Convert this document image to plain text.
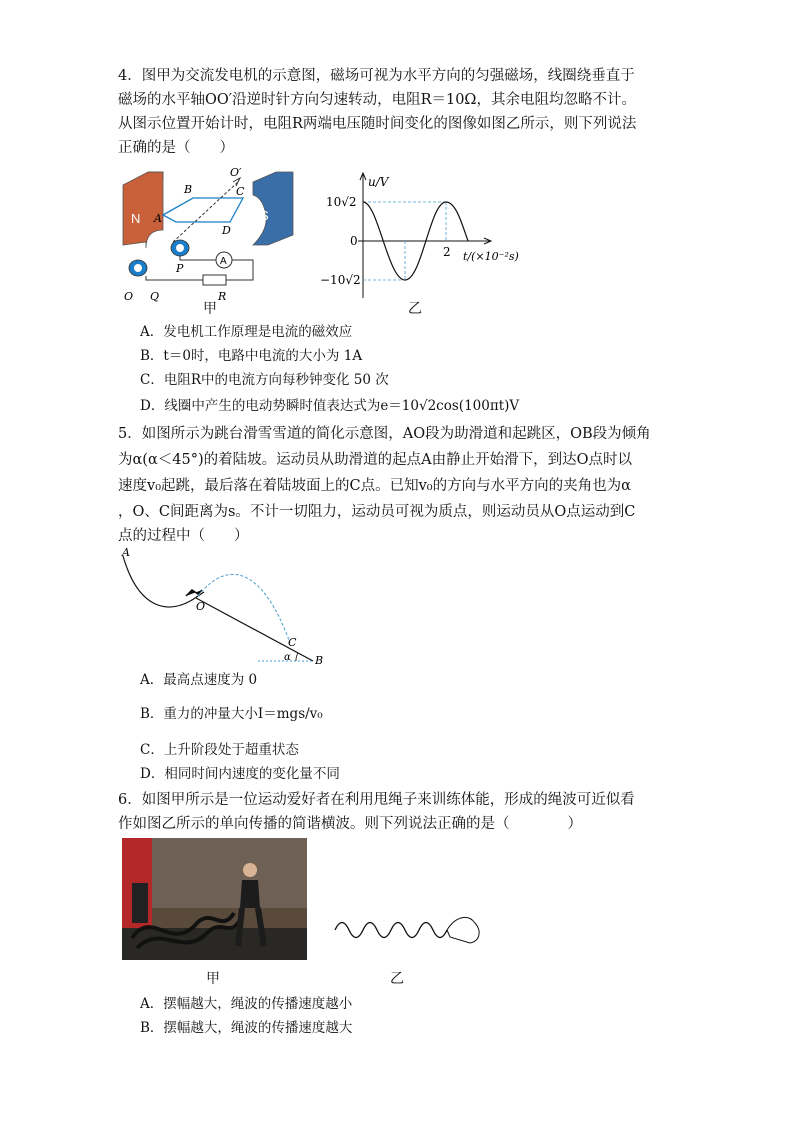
4．图甲为交流发电机的示意图，磁场可视为水平方向的匀强磁场，线圈绕垂直于
磁场的水平轴OO′沿逆时针方向匀速转动，电阻R＝10Ω，其余电阻均忽略不计。
从图示位置开始计时，电阻R两端电压随时间变化的图像如图乙所示，则下列说法
正确的是（　　）
N	S
A
O′
B	C
A
D
P
O Q	R
甲
u/V
10√2
0
−10√2
2 t/(×10⁻²s)
乙
A．发电机工作原理是电流的磁效应
B．t＝0时，电路中电流的大小为 1A
C．电阻R中的电流方向每秒钟变化 50 次
D．线圈中产生的电动势瞬时值表达式为e＝10√2cos(100πt)V
5．如图所示为跳台滑雪雪道的简化示意图，AO段为助滑道和起跳区，OB段为倾角
为α(α＜45°)的着陆坡。运动员从助滑道的起点A由静止开始滑下，到达O点时以
速度v₀起跳，最后落在着陆坡面上的C点。已知v₀的方向与水平方向的夹角也为α
，O、C间距离为s。不计一切阻力，运动员可视为质点，则运动员从O点运动到C
点的过程中（　　）
A
O
C
α B
A．最高点速度为 0
B．重力的冲量大小I＝mgs/v₀
C．上升阶段处于超重状态
D．相同时间内速度的变化量不同
6．如图甲所示是一位运动爱好者在利用甩绳子来训练体能，形成的绳波可近似看
作如图乙所示的单向传播的简谐横波。则下列说法正确的是（　　　　）
甲	乙
A．摆幅越大，绳波的传播速度越小
B．摆幅越大，绳波的传播速度越大
